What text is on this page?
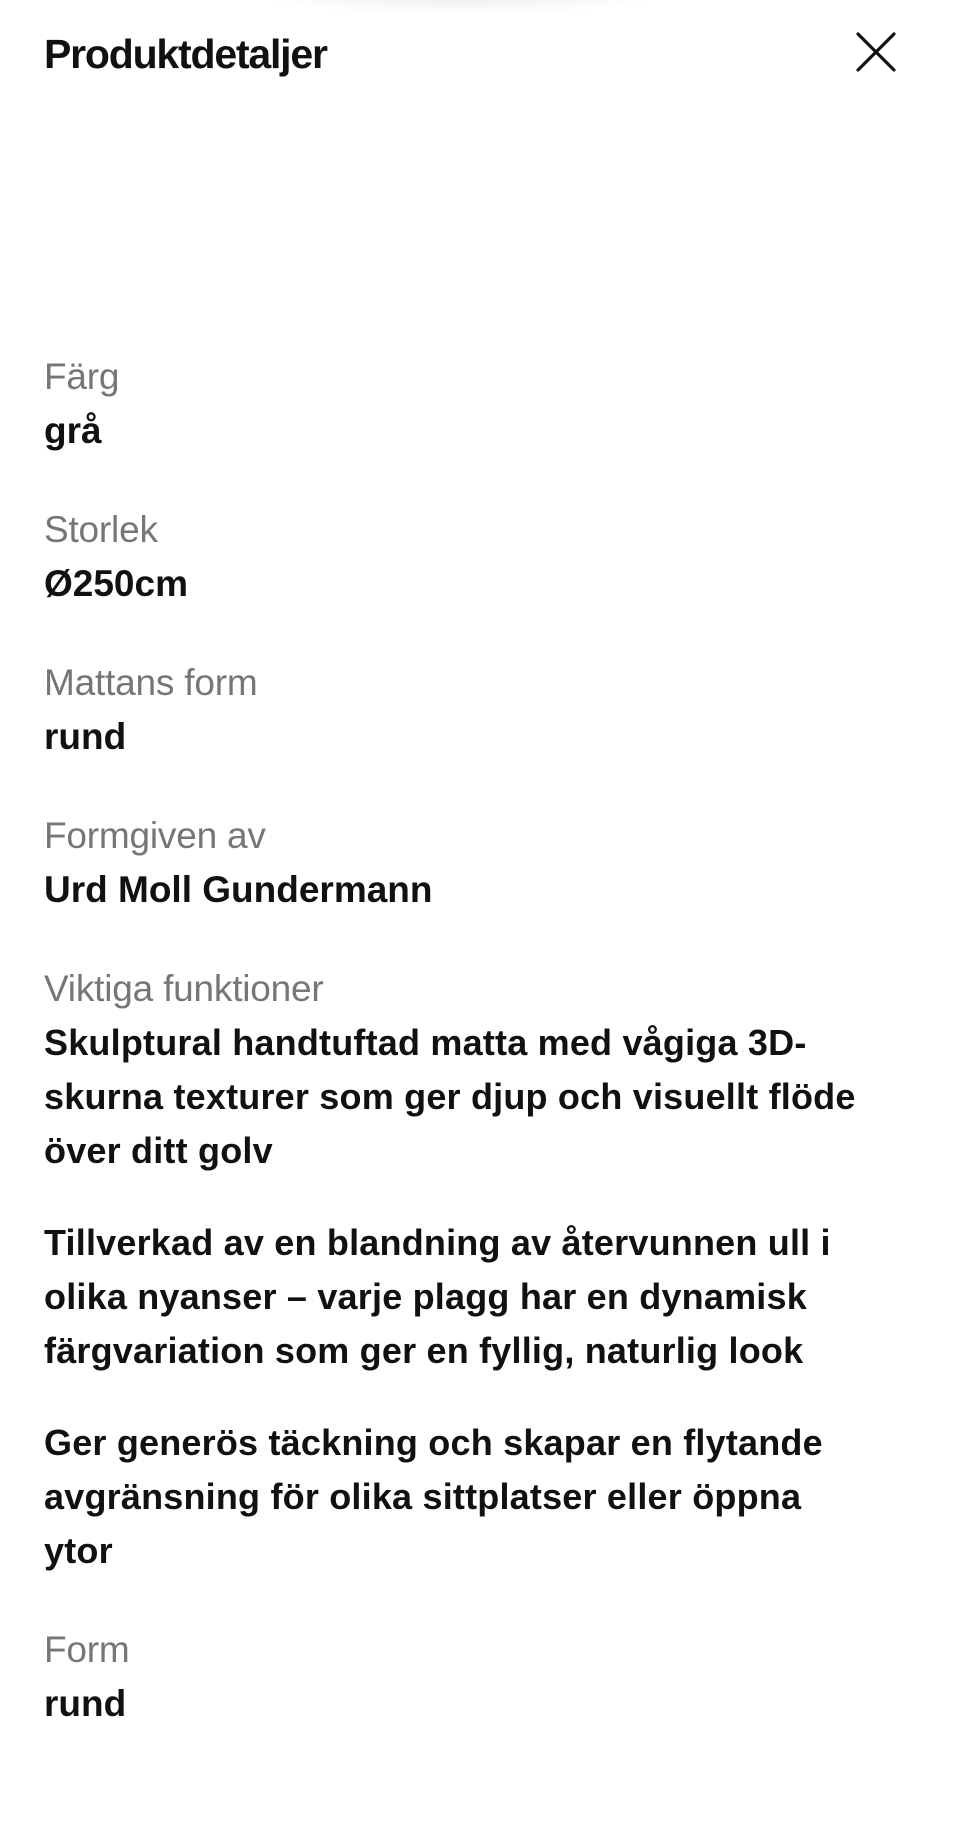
Produktdetaljer
Färg
grå
Storlek
Ø250cm
Mattans form
rund
Formgiven av
Urd Moll Gundermann
Viktiga funktioner
Skulptural handtuftad matta med vågiga 3D-skurna texturer som ger djup och visuellt flöde över ditt golv
Tillverkad av en blandning av återvunnen ull i olika nyanser – varje plagg har en dynamisk färgvariation som ger en fyllig, naturlig look
Ger generös täckning och skapar en flytande avgränsning för olika sittplatser eller öppna ytor
Form
rund
